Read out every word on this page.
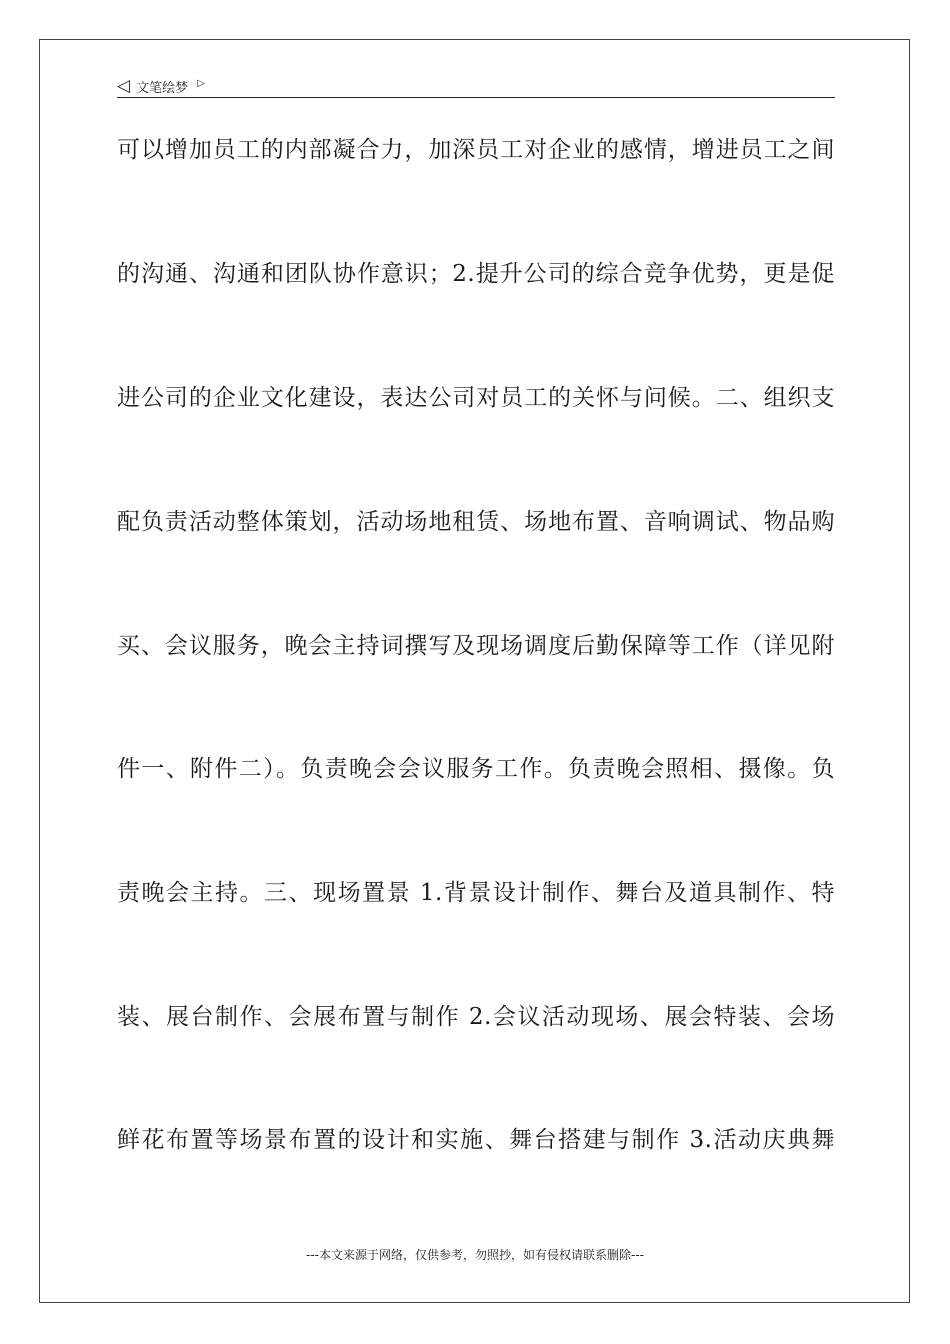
◁ 文笔绘梦 ▷
可以增加员工的内部凝合力，加深员工对企业的感情，增进员工之间
的沟通、沟通和团队协作意识；2.提升公司的综合竞争优势，更是促
进公司的企业文化建设，表达公司对员工的关怀与问候。二、组织支
配负责活动整体策划，活动场地租赁、场地布置、音响调试、物品购
买、会议服务，晚会主持词撰写及现场调度后勤保障等工作（详见附
件一、附件二）。负责晚会会议服务工作。负责晚会照相、摄像。负
责晚会主持。三、现场置景 1.背景设计制作、舞台及道具制作、特
装、展台制作、会展布置与制作 2.会议活动现场、展会特装、会场
鲜花布置等场景布置的设计和实施、舞台搭建与制作 3.活动庆典舞
---本文来源于网络，仅供参考，勿照抄，如有侵权请联系删除---
